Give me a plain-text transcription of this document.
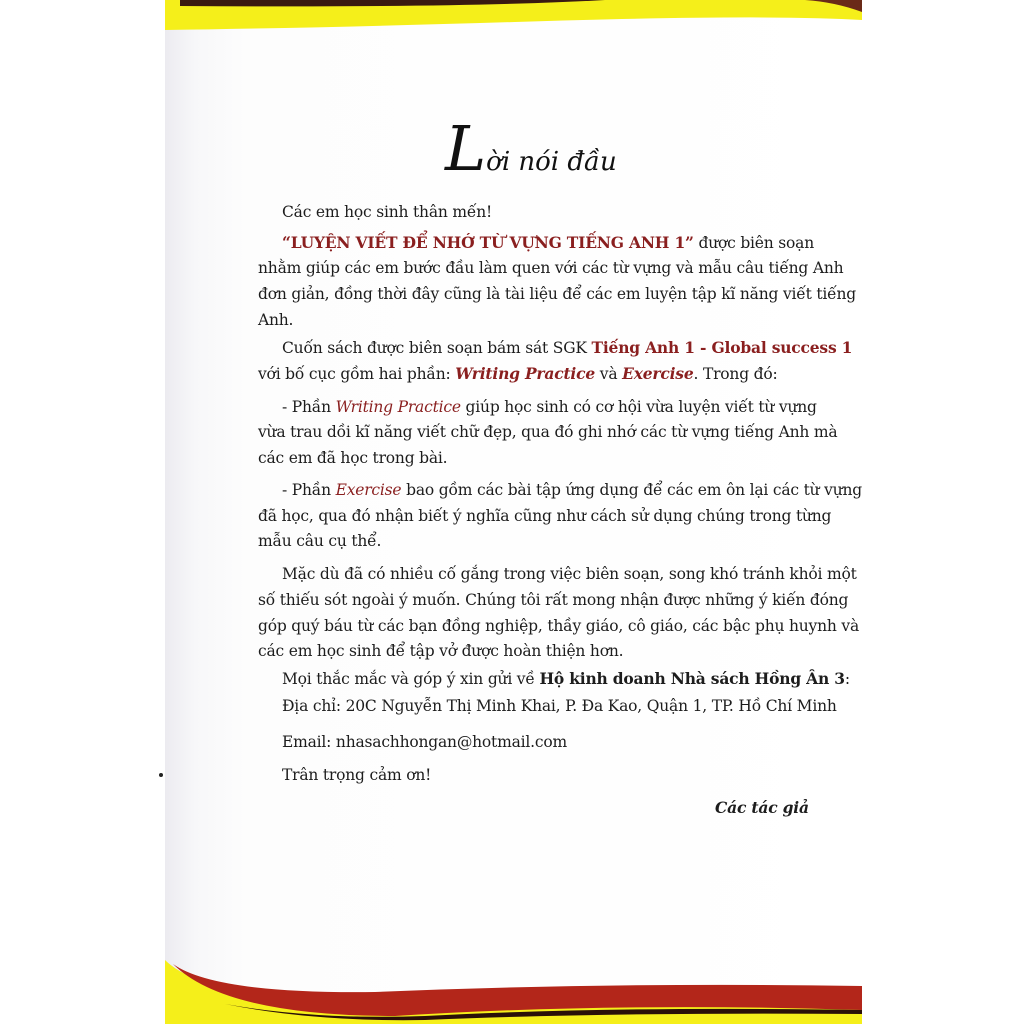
Lời nói đầu
Các em học sinh thân mến!
“LUYỆN VIẾT ĐỂ NHỚ TỪ VỰNG TIẾNG ANH 1” được biên soạn
nhằm giúp các em bước đầu làm quen với các từ vựng và mẫu câu tiếng Anh
đơn giản, đồng thời đây cũng là tài liệu để các em luyện tập kĩ năng viết tiếng
Anh.
Cuốn sách được biên soạn bám sát SGK Tiếng Anh 1 - Global success 1
với bố cục gồm hai phần: Writing Practice và Exercise. Trong đó:
- Phần Writing Practice giúp học sinh có cơ hội vừa luyện viết từ vựng
vừa trau dồi kĩ năng viết chữ đẹp, qua đó ghi nhớ các từ vựng tiếng Anh mà
các em đã học trong bài.
- Phần Exercise bao gồm các bài tập ứng dụng để các em ôn lại các từ vựng
đã học, qua đó nhận biết ý nghĩa cũng như cách sử dụng chúng trong từng
mẫu câu cụ thể.
Mặc dù đã có nhiều cố gắng trong việc biên soạn, song khó tránh khỏi một
số thiếu sót ngoài ý muốn. Chúng tôi rất mong nhận được những ý kiến đóng
góp quý báu từ các bạn đồng nghiệp, thầy giáo, cô giáo, các bậc phụ huynh và
các em học sinh để tập vở được hoàn thiện hơn.
Mọi thắc mắc và góp ý xin gửi về Hộ kinh doanh Nhà sách Hồng Ân 3:
Địa chỉ: 20C Nguyễn Thị Minh Khai, P. Đa Kao, Quận 1, TP. Hồ Chí Minh
Email: nhasachhongan@hotmail.com
Trân trọng cảm ơn!
Các tác giả
